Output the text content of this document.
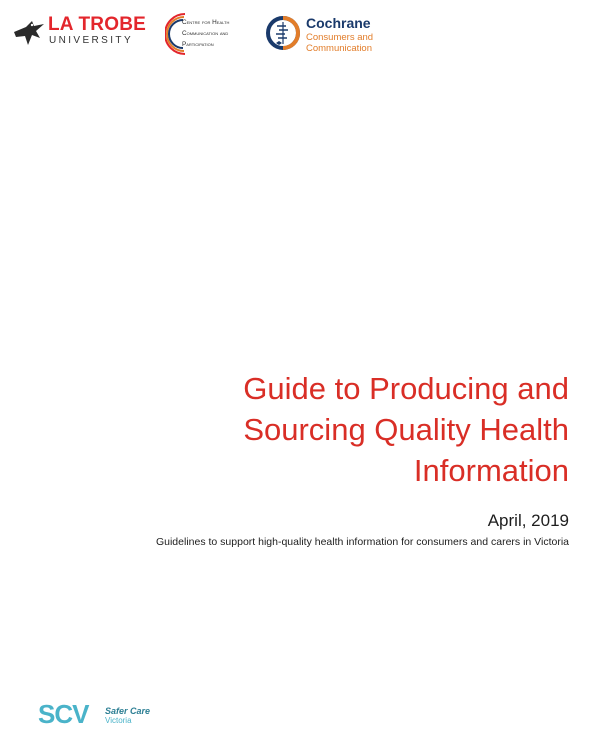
LA TROBE
UNIVERSITY
Centre for Health
Communication and
Participation
Cochrane
Consumers and
Communication
Guide to Producing and
Sourcing Quality Health
Information
April, 2019
Guidelines to support high-quality health information for consumers and carers in Victoria
SCV Safer Care
Victoria
